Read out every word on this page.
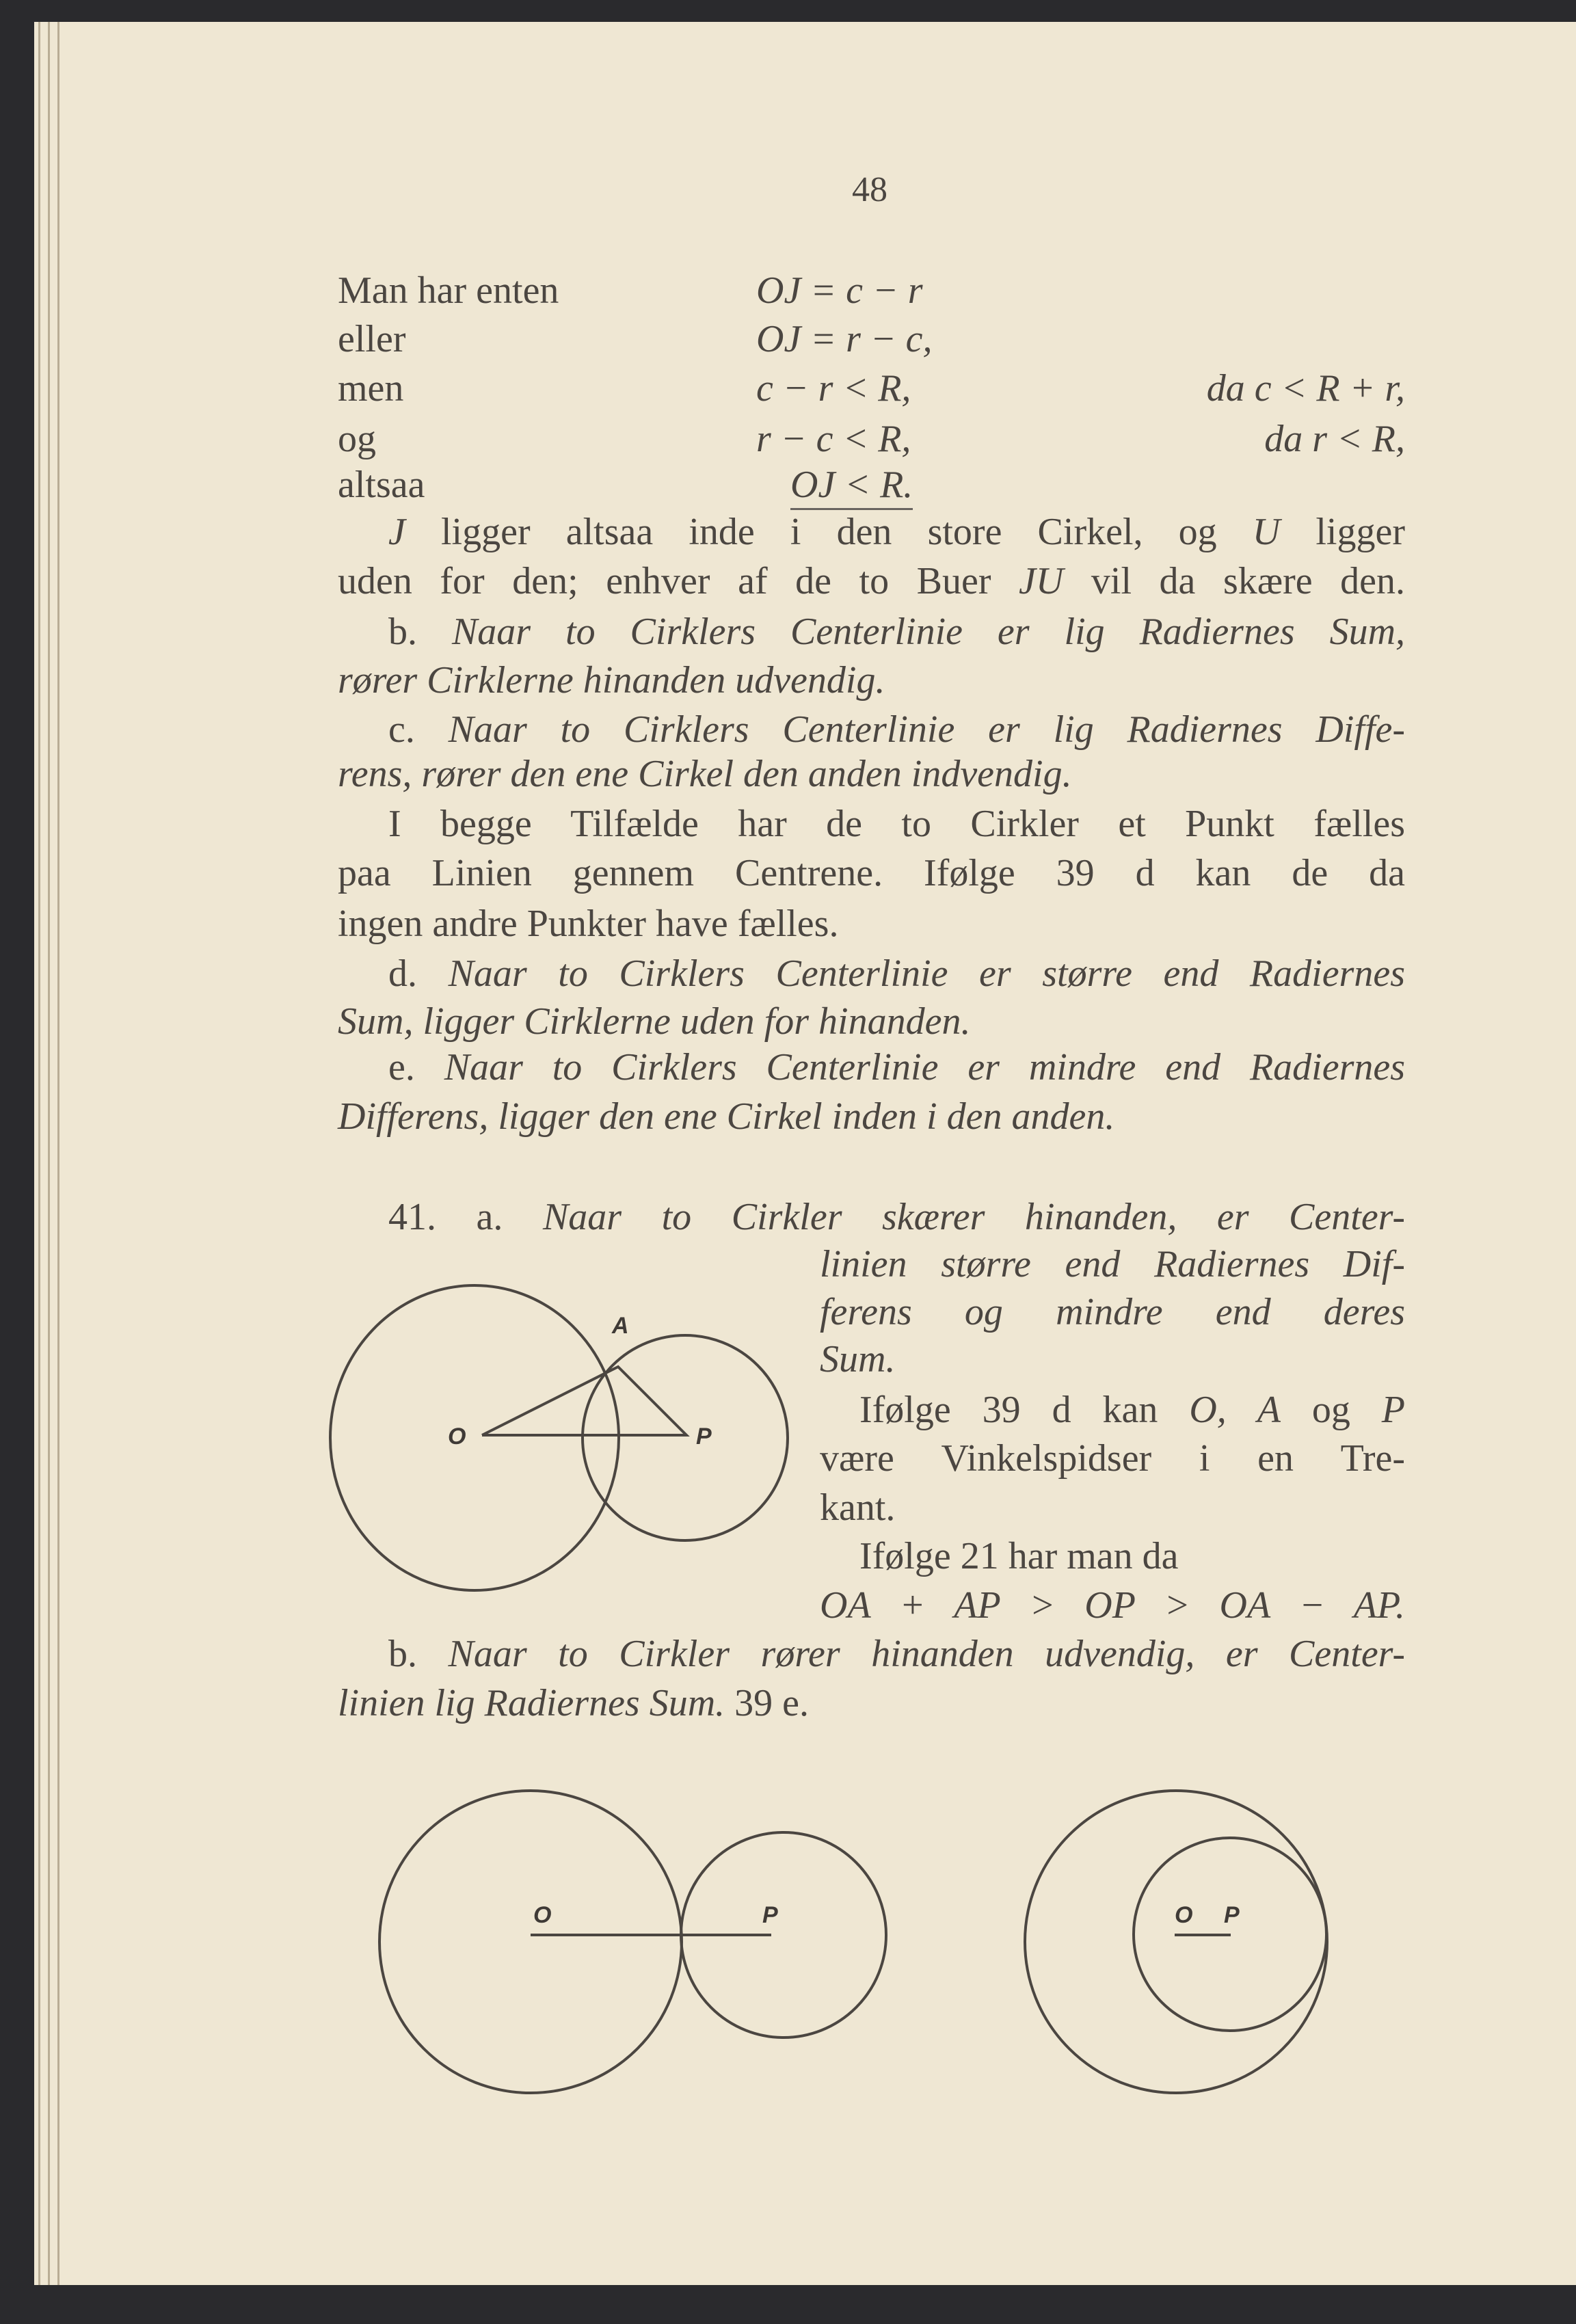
48
Man har enten	OJ = c − r
eller	OJ = r − c,
men	c − r < R,	da c < R + r,
og	r − c < R,	da r < R,
altsaa	OJ < R.
J ligger altsaa inde i den store Cirkel, og U ligger
uden for den; enhver af de to Buer JU vil da skære den.
b. Naar to Cirklers Centerlinie er lig Radiernes Sum,
rører Cirklerne hinanden udvendig.
c. Naar to Cirklers Centerlinie er lig Radiernes Diffe-
rens, rører den ene Cirkel den anden indvendig.
I begge Tilfælde har de to Cirkler et Punkt fælles
paa Linien gennem Centrene. Ifølge 39 d kan de da
ingen andre Punkter have fælles.
d. Naar to Cirklers Centerlinie er større end Radiernes
Sum, ligger Cirklerne uden for hinanden.
e. Naar to Cirklers Centerlinie er mindre end Radiernes
Differens, ligger den ene Cirkel inden i den anden.
41. a. Naar to Cirkler skærer hinanden, er Center-
linien større end Radiernes Dif-
ferens og mindre end deres
Sum.
Ifølge 39 d kan O, A og P
være Vinkelspidser i en Tre-
kant.
Ifølge 21 har man da
OA + AP > OP > OA − AP.
b. Naar to Cirkler rører hinanden udvendig, er Center-
linien lig Radiernes Sum. 39 e.
O
A
P
O	P	O P
